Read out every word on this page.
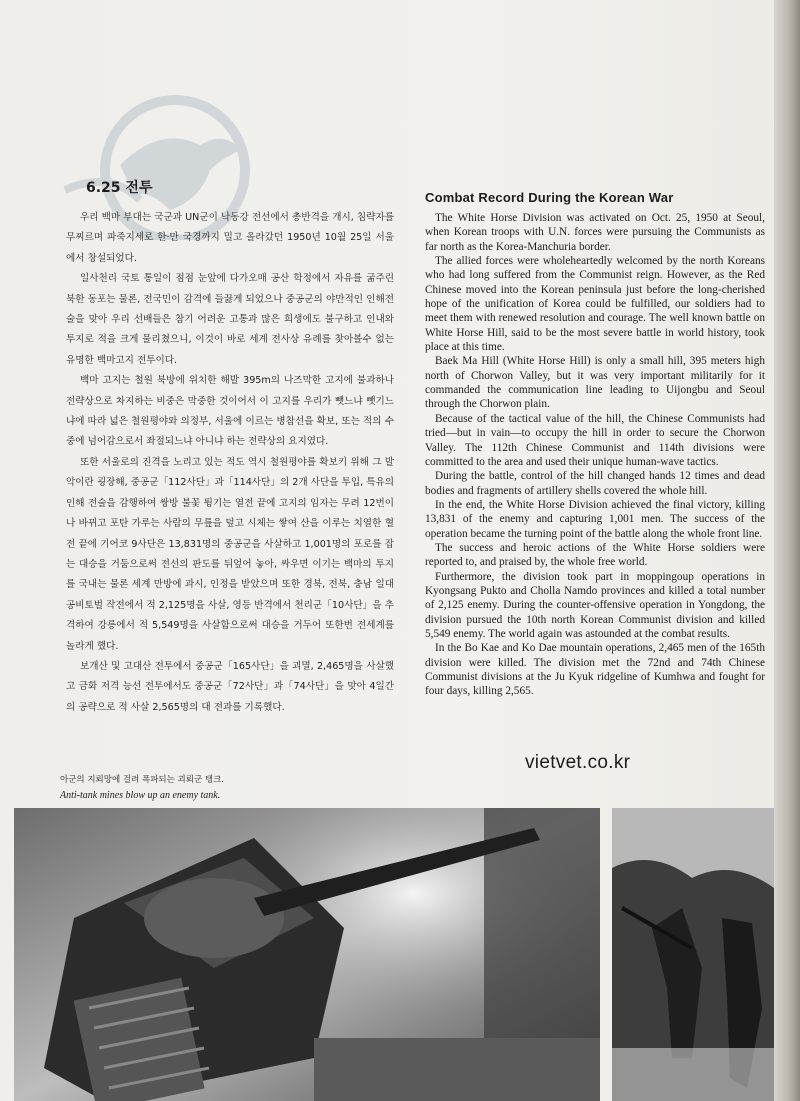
6.25 전투

우리 백마 부대는 국군과 UN군이 낙동강 전선에서 총반격을 개시, 침략자를 무찌르며 파죽지세로 한·만 국경까지 밀고 올라갔던 1950년 10월 25일 서울에서 창설되었다.

일사천리 국토 통일이 점점 눈앞에 다가오매 공산 학정에서 자유를 굶주린 북한 동포는 물론, 전국민이 감격에 들끓게 되었으나 중공군의 야만적인 인해전술을 맞아 우리 선배들은 참기 어려운 고통과 많은 희생에도 불구하고 인내와 투지로 적을 크게 물리쳤으니, 이것이 바로 세계 전사상 유례를 찾아볼수 없는 유명한 백마고지 전투이다.

백마 고지는 철원 북방에 위치한 해발 395m의 나즈막한 고지에 불과하나 전략상으로 차지하는 비중은 막중한 것이어서 이 고지를 우리가 뺏느냐 뺏기느냐에 따라 넓은 철원평야와 의정부, 서울에 이르는 병참선을 확보, 또는 적의 수중에 넘어감으로서 좌절되느냐 아니냐 하는 전략상의 요지였다.

또한 서울로의 진격을 노리고 있는 적도 역시 철원평야를 확보키 위해 그 발악이란 굉장해, 중공군「112사단」과「114사단」의 2개 사단을 투입, 특유의 인해 전술을 감행하여 쌍방 불꽃 튕기는 열전 끝에 고지의 임자는 무려 12번이나 바뀌고 포탄 가루는 사람의 무릎을 덮고 시체는 쌓여 산을 이루는 치열한 혈전 끝에 기어코 9사단은 13,831명의 중공군을 사살하고 1,001명의 포로를 잡는 대승을 거둠으로써 전선의 판도를 뒤엎어 놓아, 싸우면 이기는 백마의 투지를 국내는 물론 세계 만방에 과시, 인정을 받았으며 또한 경북, 전북, 충남 일대 공비토벌 작전에서 적 2,125명을 사살, 영등 반격에서 천리군「10사단」을 추격하여 강릉에서 적 5,549명을 사살함으로써 대승을 거두어 또한번 전세계를 놀라게 했다.

보개산 및 고대산 전투에서 중공군「165사단」을 괴멸, 2,465명을 사살했고 금화 저격 능선 전투에서도 중공군「72사단」과「74사단」을 맞아 4일간의 공략으로 적 사살 2,565명의 대 전과를 기록했다.

Combat Record During the Korean War

The White Horse Division was activated on Oct. 25, 1950 at Seoul, when Korean troops with U.N. forces were pursuing the Communists as far north as the Korea-Manchuria border.

The allied forces were wholeheartedly welcomed by the north Koreans who had long suffered from the Communist reign. However, as the Red Chinese moved into the Korean peninsula just before the long-cherished hope of the unification of Korea could be fulfilled, our soldiers had to meet them with renewed resolution and courage. The well known battle on White Horse Hill, said to be the most severe battle in world history, took place at this time.

Baek Ma Hill (White Horse Hill) is only a small hill, 395 meters high north of Chorwon Valley, but it was very important militarily for it commanded the communication line leading to Uijongbu and Seoul through the Chorwon plain.

Because of the tactical value of the hill, the Chinese Communists had tried—but in vain—to occupy the hill in order to secure the Chorwon Valley. The 112th Chinese Communist and 114th divisions were committed to the area and used their unique human-wave tactics.

During the battle, control of the hill changed hands 12 times and dead bodies and fragments of artillery shells covered the whole hill.

In the end, the White Horse Division achieved the final victory, killing 13,831 of the enemy and capturing 1,001 men. The success of the operation became the turning point of the battle along the whole front line.

The success and heroic actions of the White Horse soldiers were reported to, and praised by, the whole free world.

Furthermore, the division took part in moppingoup operations in Kyongsang Pukto and Cholla Namdo provinces and killed a total number of 2,125 enemy. During the counter-offensive operation in Yongdong, the division pursued the 10th north Korean Communist division and killed 5,549 enemy. The world again was astounded at the combat results.

In the Bo Kae and Ko Dae mountain operations, 2,465 men of the 165th division were killed. The division met the 72nd and 74th Chinese Communist divisions at the Ju Kyuk ridgeline of Kumhwa and fought for four days, killing 2,565.

vietvet.co.kr
아군의 지뢰망에 걸려 폭파되는 괴뢰군 탱크.
Anti-tank mines blow up an enemy tank.
